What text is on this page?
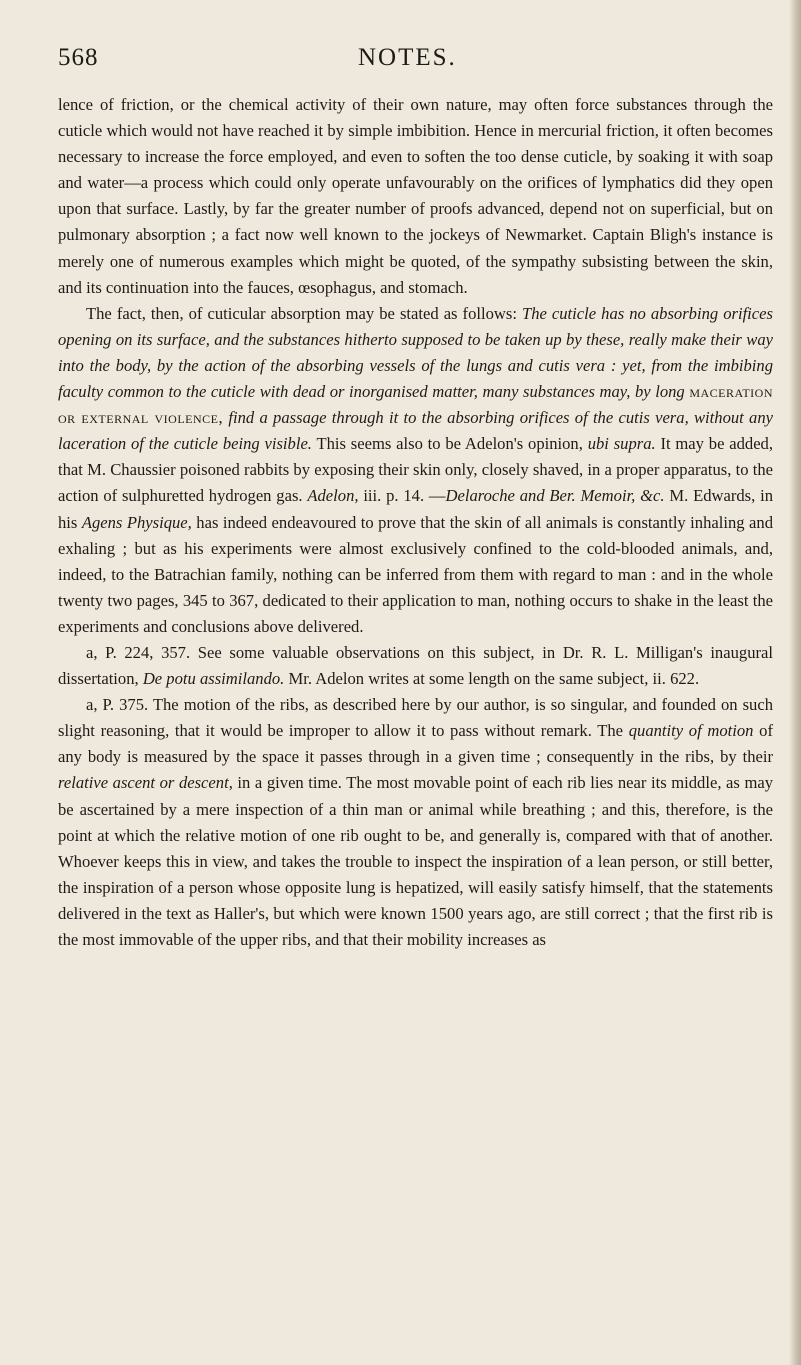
568	NOTES.

lence of friction, or the chemical activity of their own nature, may often force substances through the cuticle which would not have reached it by simple imbibition. Hence in mercurial friction, it often becomes necessary to increase the force employed, and even to soften the too dense cuticle, by soaking it with soap and water—a process which could only operate unfavourably on the orifices of lymphatics did they open upon that surface. Lastly, by far the greater number of proofs advanced, depend not on superficial, but on pulmonary absorption ; a fact now well known to the jockeys of Newmarket. Captain Bligh's instance is merely one of numerous examples which might be quoted, of the sympathy subsisting between the skin, and its continuation into the fauces, œsophagus, and stomach.

The fact, then, of cuticular absorption may be stated as follows: The cuticle has no absorbing orifices opening on its surface, and the substances hitherto supposed to be taken up by these, really make their way into the body, by the action of the absorbing vessels of the lungs and cutis vera : yet, from the imbibing faculty common to the cuticle with dead or inorganised matter, many substances may, by long maceration or external violence, find a passage through it to the absorbing orifices of the cutis vera, without any laceration of the cuticle being visible. This seems also to be Adelon's opinion, ubi supra. It may be added, that M. Chaussier poisoned rabbits by exposing their skin only, closely shaved, in a proper apparatus, to the action of sulphuretted hydrogen gas. Adelon, iii. p. 14. —Delaroche and Ber. Memoir, &c. M. Edwards, in his Agens Physique, has indeed endeavoured to prove that the skin of all animals is constantly inhaling and exhaling ; but as his experiments were almost exclusively confined to the cold-blooded animals, and, indeed, to the Batrachian family, nothing can be inferred from them with regard to man : and in the whole twenty two pages, 345 to 367, dedicated to their application to man, nothing occurs to shake in the least the experiments and conclusions above delivered.

a, P. 224, 357. See some valuable observations on this subject, in Dr. R. L. Milligan's inaugural dissertation, De potu assimilando. Mr. Adelon writes at some length on the same subject, ii. 622.

a, P. 375. The motion of the ribs, as described here by our author, is so singular, and founded on such slight reasoning, that it would be improper to allow it to pass without remark. The quantity of motion of any body is measured by the space it passes through in a given time ; consequently in the ribs, by their relative ascent or descent, in a given time. The most movable point of each rib lies near its middle, as may be ascertained by a mere inspection of a thin man or animal while breathing ; and this, therefore, is the point at which the relative motion of one rib ought to be, and generally is, compared with that of another. Whoever keeps this in view, and takes the trouble to inspect the inspiration of a lean person, or still better, the inspiration of a person whose opposite lung is hepatized, will easily satisfy himself, that the statements delivered in the text as Haller's, but which were known 1500 years ago, are still correct ; that the first rib is the most immovable of the upper ribs, and that their mobility increases as
